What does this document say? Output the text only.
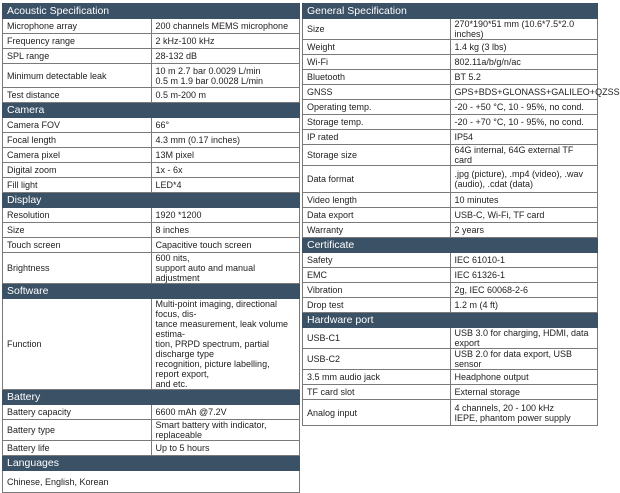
Acoustic Specification	
Microphone array	200 channels MEMS microphone
Frequency range	2 kHz-100 kHz
SPL range	28-132 dB
Minimum detectable leak	10 m 2.7 bar 0.0029 L/min
0.5 m 1.9 bar 0.0028 L/min
Test distance	0.5 m-200 m
Camera	
Camera FOV	66°
Focal length	4.3 mm (0.17 inches)
Camera pixel	13M pixel
Digital zoom	1x - 6x
Fill light	LED*4
Display	
Resolution	1920 *1200
Size	8 inches
Touch screen	Capacitive touch screen
Brightness	600 nits,
support auto and manual adjustment
Software	
Function	Multi-point imaging, directional focus, dis-
tance measurement, leak volume estima-
tion, PRPD spectrum, partial discharge type
recognition, picture labelling, report export,
and etc.
Battery	
Battery capacity	6600 mAh @7.2V
Battery type	Smart battery with indicator, replaceable
Battery life	Up to 5 hours
Languages	
Chinese, English, Korean	
General Specification	
Size	270*190*51 mm (10.6*7.5*2.0 inches)
Weight	1.4 kg (3 lbs)
Wi-Fi	802.11a/b/g/n/ac
Bluetooth	BT 5.2
GNSS	GPS+BDS+GLONASS+GALILEO+QZSS
Operating temp.	-20 - +50 °C, 10 - 95%, no cond.
Storage temp.	-20 - +70 °C, 10 - 95%, no cond.
IP rated	IP54
Storage size	64G internal, 64G external TF card
Data format	.jpg (picture), .mp4 (video), .wav
(audio), .cdat (data)
Video length	10 minutes
Data export	USB-C, Wi-Fi, TF card
Warranty	2 years
Certificate	
Safety	IEC 61010-1
EMC	IEC 61326-1
Vibration	2g, IEC 60068-2-6
Drop test	1.2 m (4 ft)
Hardware port	
USB-C1	USB 3.0 for charging, HDMI, data export
USB-C2	USB 2.0 for data export, USB sensor
3.5 mm audio jack	Headphone output
TF card slot	External storage
Analog input	4 channels, 20 - 100 kHz
IEPE, phantom power supply
